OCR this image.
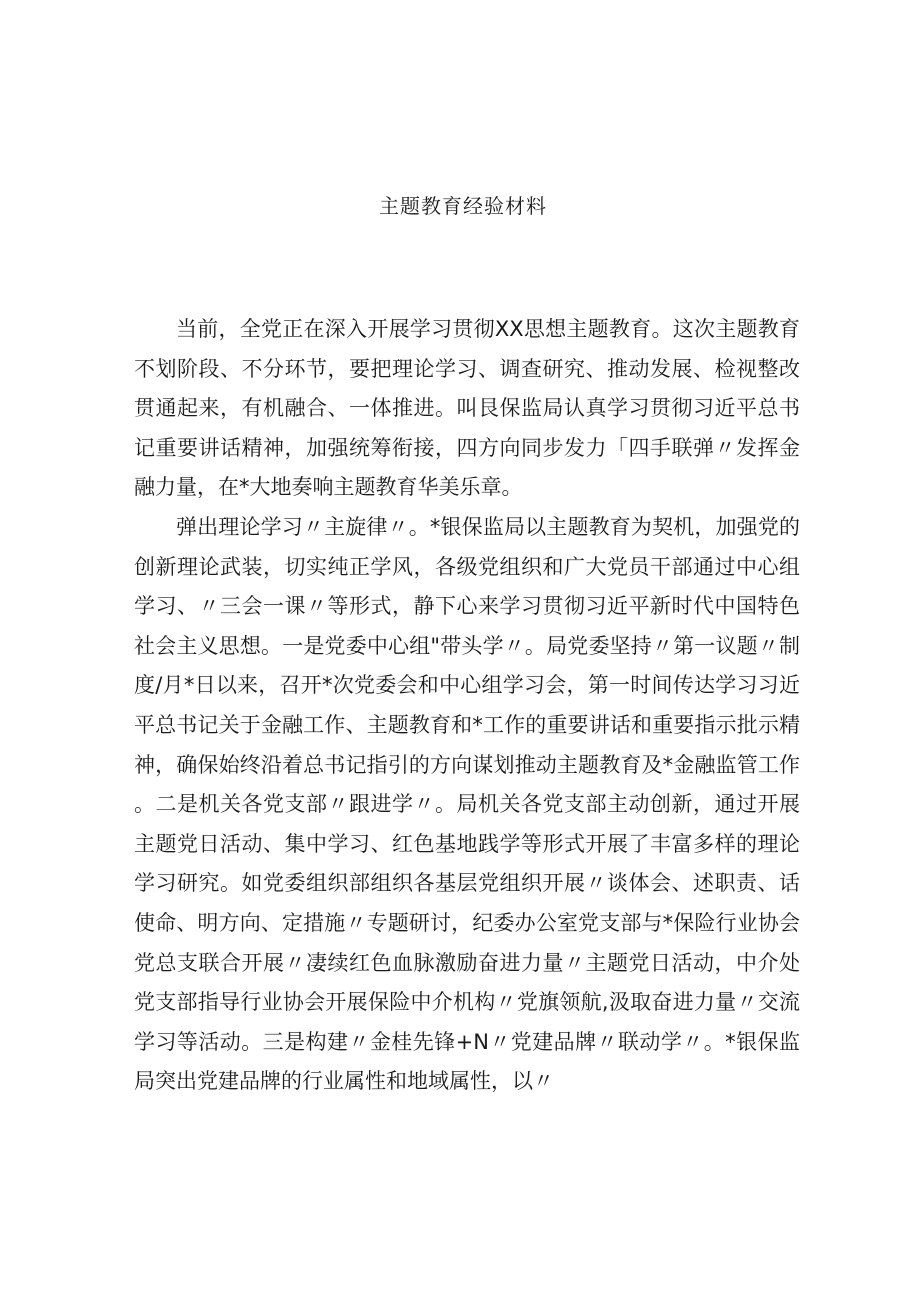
主题教育经验材料

当前，全党正在深入开展学习贯彻XX思想主题教育。这次主题教育不划阶段、不分环节，要把理论学习、调查研究、推动发展、检视整改贯通起来，有机融合、一体推进。叫艮保监局认真学习贯彻习近平总书记重要讲话精神，加强统筹衔接，四方向同步发力「四手联弹〃发挥金融力量，在*大地奏响主题教育华美乐章。

弹出理论学习〃主旋律〃。*银保监局以主题教育为契机，加强党的创新理论武装，切实纯正学风，各级党组织和广大党员干部通过中心组学习、〃三会一课〃等形式，静下心来学习贯彻习近平新时代中国特色社会主义思想。一是党委中心组"带头学〃。局党委坚持〃第一议题〃制度/月*日以来，召开*次党委会和中心组学习会，第一时间传达学习习近平总书记关于金融工作、主题教育和*工作的重要讲话和重要指示批示精神，确保始终沿着总书记指引的方向谋划推动主题教育及*金融监管工作。二是机关各党支部〃跟进学〃。局机关各党支部主动创新，通过开展主题党日活动、集中学习、红色基地践学等形式开展了丰富多样的理论学习研究。如党委组织部组织各基层党组织开展〃谈体会、述职责、话使命、明方向、定措施〃专题研讨，纪委办公室党支部与*保险行业协会党总支联合开展〃凄续红色血脉激励奋进力量〃主题党日活动，中介处党支部指导行业协会开展保险中介机构〃党旗领航,汲取奋进力量〃交流学习等活动。三是构建〃金桂先锋+N〃党建品牌〃联动学〃。*银保监局突出党建品牌的行业属性和地域属性，以〃
